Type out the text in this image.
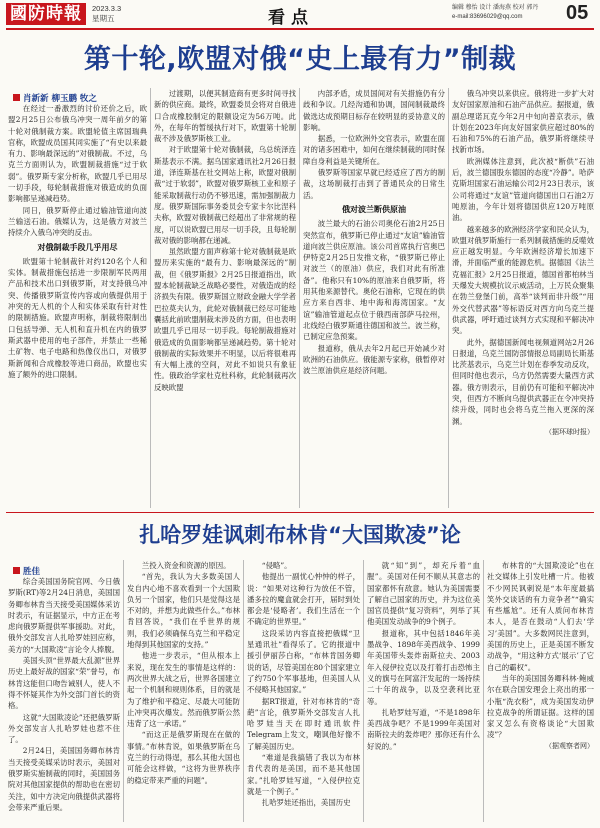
國防時報	2023.3.3
星期五	看点	编辑 穆怡 设计 潘海燕 校对 郭丹
e-mail:83696029@qq.com	05
第十轮,欧盟对俄“史上最有力”制裁
肖新新 柳玉鹏 牧之

在经过一番激烈的讨价还价之后，欧盟2月25日公布俄乌冲突一周年前夕的第十轮对俄制裁方案。欧盟轮值主席国瑞典官称，欧盟成员国其同实施了“有史以来最有力、影响最深远的”对俄制裁。不过，乌克兰方面则认为，欧盟制裁措施“过于软弱”。俄罗斯专家分析称，欧盟几乎已用尽一切手段，每轮制裁措施对俄造成的负面影响都呈递减趋势。

同日，俄罗斯停止通过输油管道向波兰输送石油。俄媒认为，这是俄方对波兰持续介入俄乌冲突的反击。

对俄制裁手段几乎用尽

欧盟第十轮制裁针对约120名个人和实体。制裁措施包括进一步限制军民两用产品和技术出口到俄罗斯，对支持俄乌冲突、传播俄罗斯宣传内容或向俄提供用于冲突的无人机的个人和实体采取有针对性的限制措施。欧盟声明称，制裁将限制出口包括导弹、无人机和直升机在内的俄罗斯武器中使用的电子部件，并禁止一些稀土矿物、电子电路和热像仪出口，对俄罗斯新闻和合成橡胶等进口商品，欧盟也实施了额外的进口限制。

过渡期，以便其制造商有更多时间寻找新的供应商。最终，欧盟委员会将对自俄进口合成橡胶制定的限额设定为56万吨。此外，在每年的暂缓执行对下，欧盟第十轮制裁不涉及俄罗斯核工业。

对于欧盟第十轮对俄制裁，乌总统泽连斯基表示不满。据乌国家通讯社2月26日报道，泽连斯基在社交网站上称，欧盟对俄制裁“过于软弱”，欧盟对俄罗斯核工业和原子能采取制裁行动仍不够迅速，需加强制裁力度。俄罗斯国际事务委员会专家卡尔比涅科夫称，欧盟对俄制裁已经超出了非常规的程度，可以说欧盟已用尽一切手段，且每轮制裁对俄的影响都在递减。

虽然欧盟方面声称第十轮对俄制裁是欧盟历来实施的“最有力、影响最深远的”制裁，但《俄罗斯报》2月25日报道指出，欧盟本轮制裁缺乏战略必要性，对俄造成的经济损失有限。俄罗斯国立财政金融大学学者巴拉莫夫认为，此轮对俄制裁已经尽可能地囊括此前欧盟制裁未涉及的方面，但也表明欧盟几乎已用尽一切手段。每轮制裁措施对俄造成的负面影响都呈递减趋势。第十轮对俄制裁的实际效果并不明显，以后将很难再有大幅上涨的空间，对此不如说只有象征性。俄政治学家杜克杜科称，此轮制裁再次反映欧盟

内部矛盾，成员国间对有关措施仍有分歧和争议。几经沟通和协调，国间制裁最终做选达成预期目标存在较明显的妥协意义的影响。

据悉，一位欧洲外交官表示，欧盟在面对的诸多困难中，如何在继续制裁的同时保障自身利益是关键所在。

俄罗斯等国家早就已经适应了西方的制裁，这场制裁打击到了普通民众的日常生活。

俄对波兰断供原油

波兰最大的石油公司奥伦石油2月25日突然宣布，俄罗斯已停止通过“友谊”输油管道向波兰供应原油。该公司首席执行官奥巴伊特克2月25日发推文称，“俄罗斯已停止对波兰（的原油）供应，我们对此有所准备”。他称只有10%的原油来自俄罗斯，将用其他来源替代。奥伦石油称，它现在的供应方来自西非、地中海和海湾国家。“友谊”输油管道起点位于俄西南部萨马拉州，北线经白俄罗斯通往德国和波兰。波兰称，已制定应急预案。

报道称，俄从去年2月起已开始减少对欧洲的石油供应。俄能源专家称，俄暂停对波兰原油供应是经济问题。

俄乌冲突以来供应。俄将进一步扩大对友好国家原油和石油产品供应。据报道，俄副总理诺瓦克今年2月中旬向普京表示，俄计划在2023年向友好国家供应超过80%的石油和75%的石油产品，俄罗斯将继续寻找新市场。

欧洲媒体注意到，此次被“断供”石油后，波兰德国股东德国的态度“冷静”。哈萨克斯坦国家石油运输公司2月23日表示，该公司将通过“友谊”管道向德国出口石油2万吨原油，今年计划将德国供应120万吨原油。

越来越多的欧洲经济学家和民众认为，欧盟对俄罗斯施行一系列制裁措施的反噬效应正越发明显。今年欧洲经济增长加速下滑，并面临严重的能源危机。据德国《法兰克福汇报》2月25日报道，德国首都柏林当天爆发大规模抗议示威活动，上万民众聚集在勃兰登堡门前，高举“谈判而非升级”“用外交代替武器”等标语反对西方向乌克兰提供武器，呼吁通过谈判方式实现和平解决冲突。

此外，据德国新闻电视频道网站2月26日报道，乌克兰国防部情报总局副局长斯基比茨基表示，乌克兰计划在春季发动反攻，但同时他也表示，乌方仍然需要大量西方武器。俄方则表示，目前仍有可能和平解决冲突，但西方不断向乌提供武器正在令冲突持续升级，同时也会将乌克兰拖入更深的深渊。

（据环球时报）

扎哈罗娃讽刺布林肯“大国欺凌”论
胜佳

综合美国国务院官网、今日俄罗斯(RT)等2月24日消息，美国国务卿布林肯当天接受美国媒体采访时表示，有证据显示，中方正在考虑向俄罗斯提供军事援助。对此，俄外交部发言人扎哈罗娃回应称，美方的“大国欺凌”言论令人捧腹。

美国头顶“世界最大乱源”世界历史上最好战的国家“荣”誉号，布林肯这能但口吻告诫别人，使人不得不怀疑其作为外交部门首长的资格。

这就“大国欺凌论”还把俄罗斯外交部发言人扎哈罗娃也惹不住了。

2月24日，美国国务卿布林肯当天接受美媒采访时表示，美国对俄罗斯实施制裁的同时，美国国务院对其他国家提供的帮助也在密切关注，如中方决定向俄提供武器将会带来严重后果。

兰投入资金和资源的原因。

“首先，我认为大多数美国人发自内心地不喜欢看到一个大国欺负另一个国家，他们只是觉得这是不对的，并想为此做些什么。”布林肯回答说，“我们在乎世界的规则，我们必须确保乌克兰和平稳定地得到其他国家的支持。”

他进一步表示，“但从根本上来说，现在发生的事情是这样的：两次世界大战之后，世界各国建立起一个机制和规则体系，目的就是为了维护和平稳定、尽最大可能防止冲突再次爆发。然而俄罗斯公然违背了这一承诺。”

“而这正是俄罗斯现在在做的事情。”布林肯说，如果俄罗斯在乌克兰的行动得逞，那么其他大国也可能会这样做，“这将为世界秩序的稳定带来严重的问题”。

“侵略”。

他提出一副忧心忡忡的样子，说：“如果对这种行为放任不管，潘多拉的魔盒就会打开，届时到处都会是‘侵略者’。我们生活在一个不确定的世界里。”

这段采访内容直接把俄媒“卫星通讯社”看得乐了。它的报道中援引伊丽莎白称，“布林肯国务卿说的话，尽管美国在80个国家建立了约750个军事基地，但美国人从不侵略其他国家。”

据RT报道，针对布林肯的“奇葩”言论，俄罗斯外交部发言人扎哈罗娃当天在即时通讯软件Telegram上发文，嘲讽他好像不了解美国历史。

“难道是我搞错了我以为布林肯代表的是美国，而不是其他国家。”扎哈罗娃写道，“入侵伊拉克就是一个例子。”

扎哈罗娃还指出，美国历史

就“知”到”，却充斥着“血腥”。美国对任何不顺从其意志的国家都怀有敌意。她认为美国需要了解自己国家的历史，并为这位美国官员提供“复习资料”，列举了其他美国发动战争的9个例子。

报道称，其中包括1846年美墨战争、1898年美西战争、1999年美国带头轰炸南斯拉夫、2003年入侵伊拉克以及打着打击恐怖主义的旗号在阿富汗发起的一场持续二十年的战争，以及空袭利比亚等。

扎哈罗娃写道，“不是1898年美西战争吧？不是1999年美国对南斯拉夫的轰炸吧？那你还有什么好说的。”

布林肯的“大国欺凌论”也在社交媒体上引发吐槽一片。他被不少网民讽刺说是“本年度最搞笑外交谈话的有力竞争者”“确实有些尴尬”。还有人质问布林肯本人，是否在鼓动“人们去‘学习’美国”。大多数网民注意到，美国的历史上，正是美国不断发动战争，“用这种方式‘展示’了它自己的霸权”。

当年的美国国务卿科林·鲍威尔在联合国安理会上亮出的那一小瓶“洗衣粉”，成为美国发动伊拉克战争的所谓证据。这样的国家又怎么有资格谈论“大国欺凌”？

（据观察者网）
